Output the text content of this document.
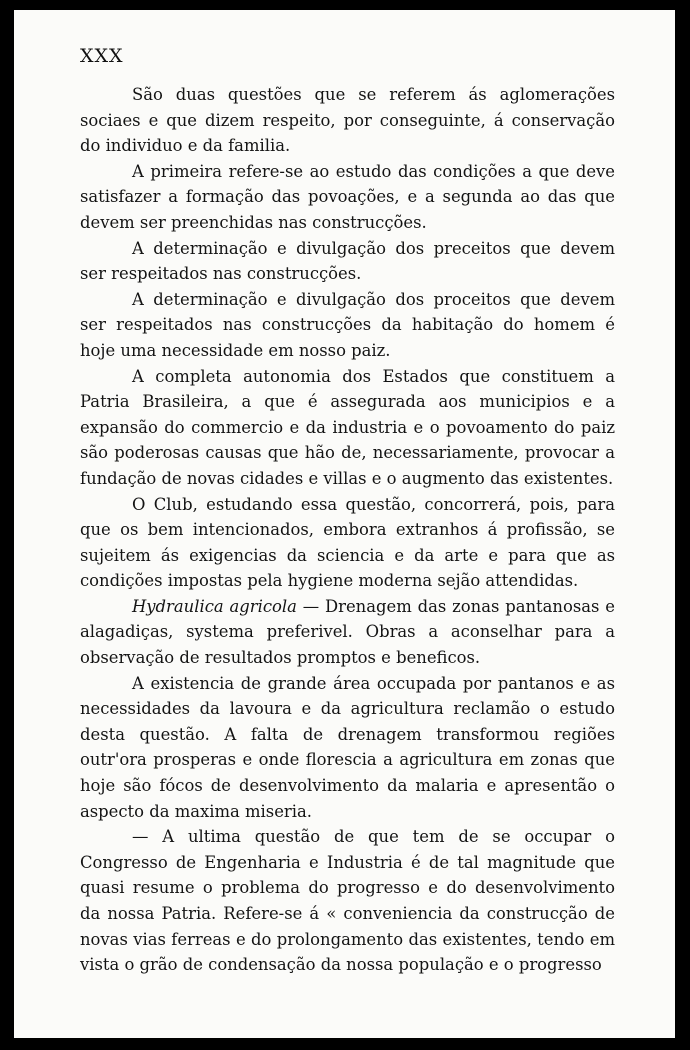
XXX

São duas questões que se referem ás aglomerações sociaes e que dizem respeito, por conseguinte, á conservação do individuo e da familia.

A primeira refere-se ao estudo das condições a que deve satisfazer a formação das povoações, e a segunda ao das que devem ser preenchidas nas construcções.

A determinação e divulgação dos preceitos que devem ser respeitados nas construcções.

A determinação e divulgação dos proceitos que devem ser respeitados nas construcções da habitação do homem é hoje uma necessidade em nosso paiz.

A completa autonomia dos Estados que constituem a Patria Brasileira, a que é assegurada aos municipios e a expansão do commercio e da industria e o povoamento do paiz são poderosas causas que hão de, necessariamente, provocar a fundação de novas cidades e villas e o augmento das existentes.

O Club, estudando essa questão, concorrerá, pois, para que os bem intencionados, embora extranhos á profissão, se sujeitem ás exigencias da sciencia e da arte e para que as condições impostas pela hygiene moderna sejão attendidas.

Hydraulica agricola — Drenagem das zonas pantanosas e alagadiças, systema preferivel. Obras a aconselhar para a observação de resultados promptos e beneficos.

A existencia de grande área occupada por pantanos e as necessidades da lavoura e da agricultura reclamão o estudo desta questão. A falta de drenagem transformou regiões outr'ora prosperas e onde florescia a agricultura em zonas que hoje são fócos de desenvolvimento da malaria e apresentão o aspecto da maxima miseria.

— A ultima questão de que tem de se occupar o Congresso de Engenharia e Industria é de tal magnitude que quasi resume o problema do progresso e do desenvolvimento da nossa Patria. Refere-se á « conveniencia da construcção de novas vias ferreas e do prolongamento das existentes, tendo em vista o grão de condensação da nossa população e o progresso
